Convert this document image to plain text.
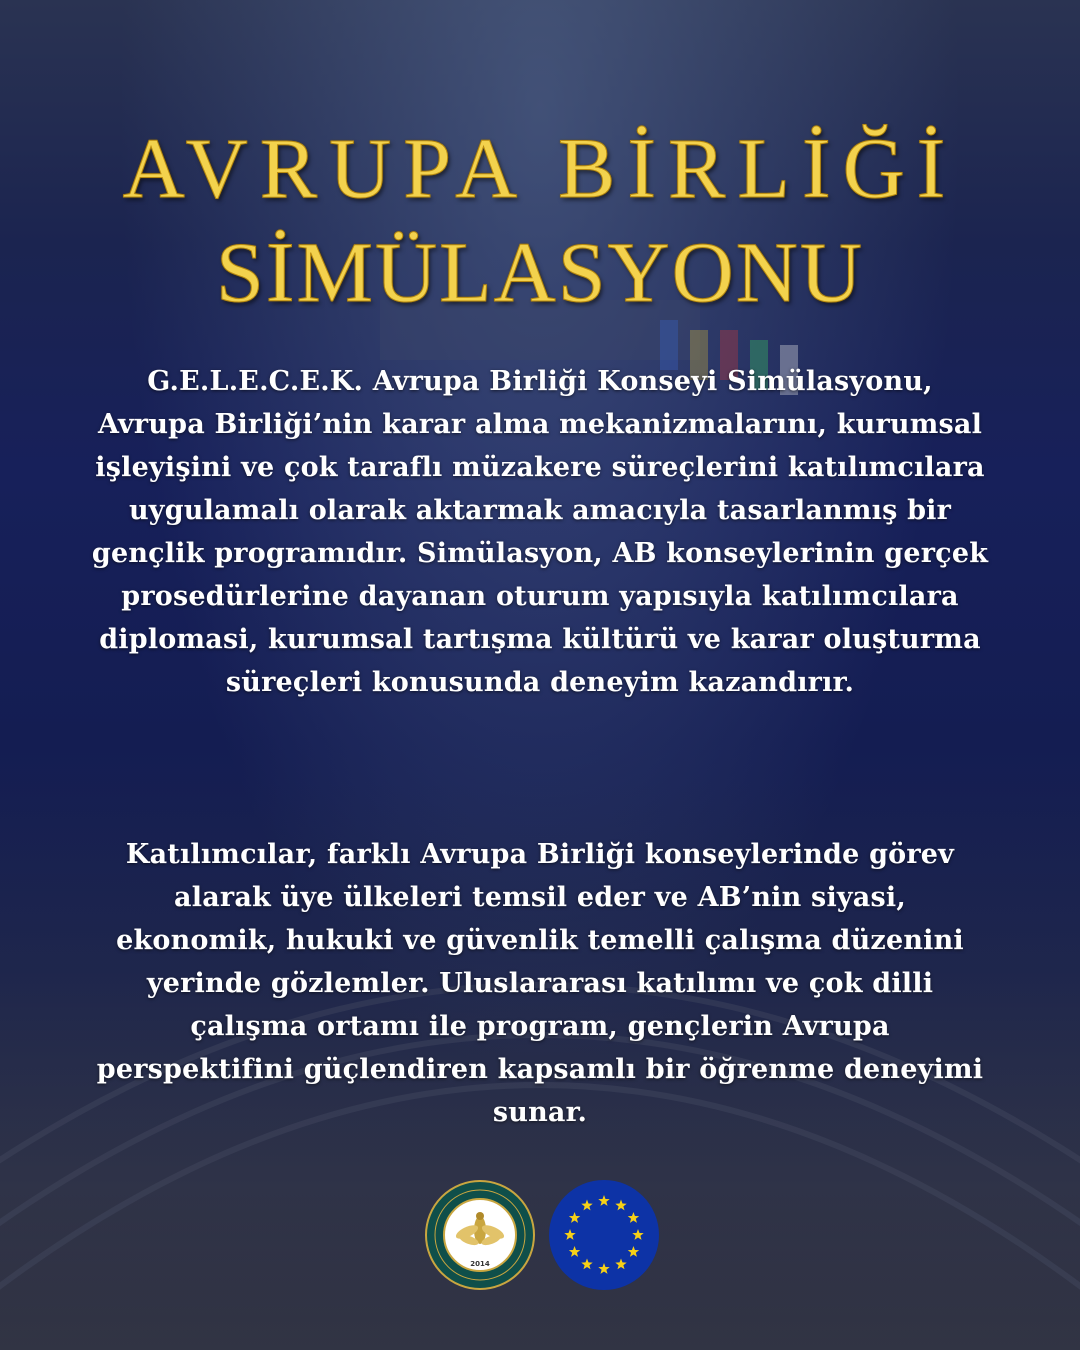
AVRUPA BİRLİĞİ
SİMÜLASYONU
G.E.L.E.C.E.K. Avrupa Birliği Konseyi Simülasyonu, Avrupa Birliği’nin karar alma mekanizmalarını, kurumsal işleyişini ve çok taraflı müzakere süreçlerini katılımcılara uygulamalı olarak aktarmak amacıyla tasarlanmış bir gençlik programıdır. Simülasyon, AB konseylerinin gerçek prosedürlerine dayanan oturum yapısıyla katılımcılara diplomasi, kurumsal tartışma kültürü ve karar oluşturma süreçleri konusunda deneyim kazandırır.
Katılımcılar, farklı Avrupa Birliği konseylerinde görev alarak üye ülkeleri temsil eder ve AB’nin siyasi, ekonomik, hukuki ve güvenlik temelli çalışma düzenini yerinde gözlemler. Uluslararası katılımı ve çok dilli çalışma ortamı ile program, gençlerin Avrupa perspektifini güçlendiren kapsamlı bir öğrenme deneyimi sunar.
2014
